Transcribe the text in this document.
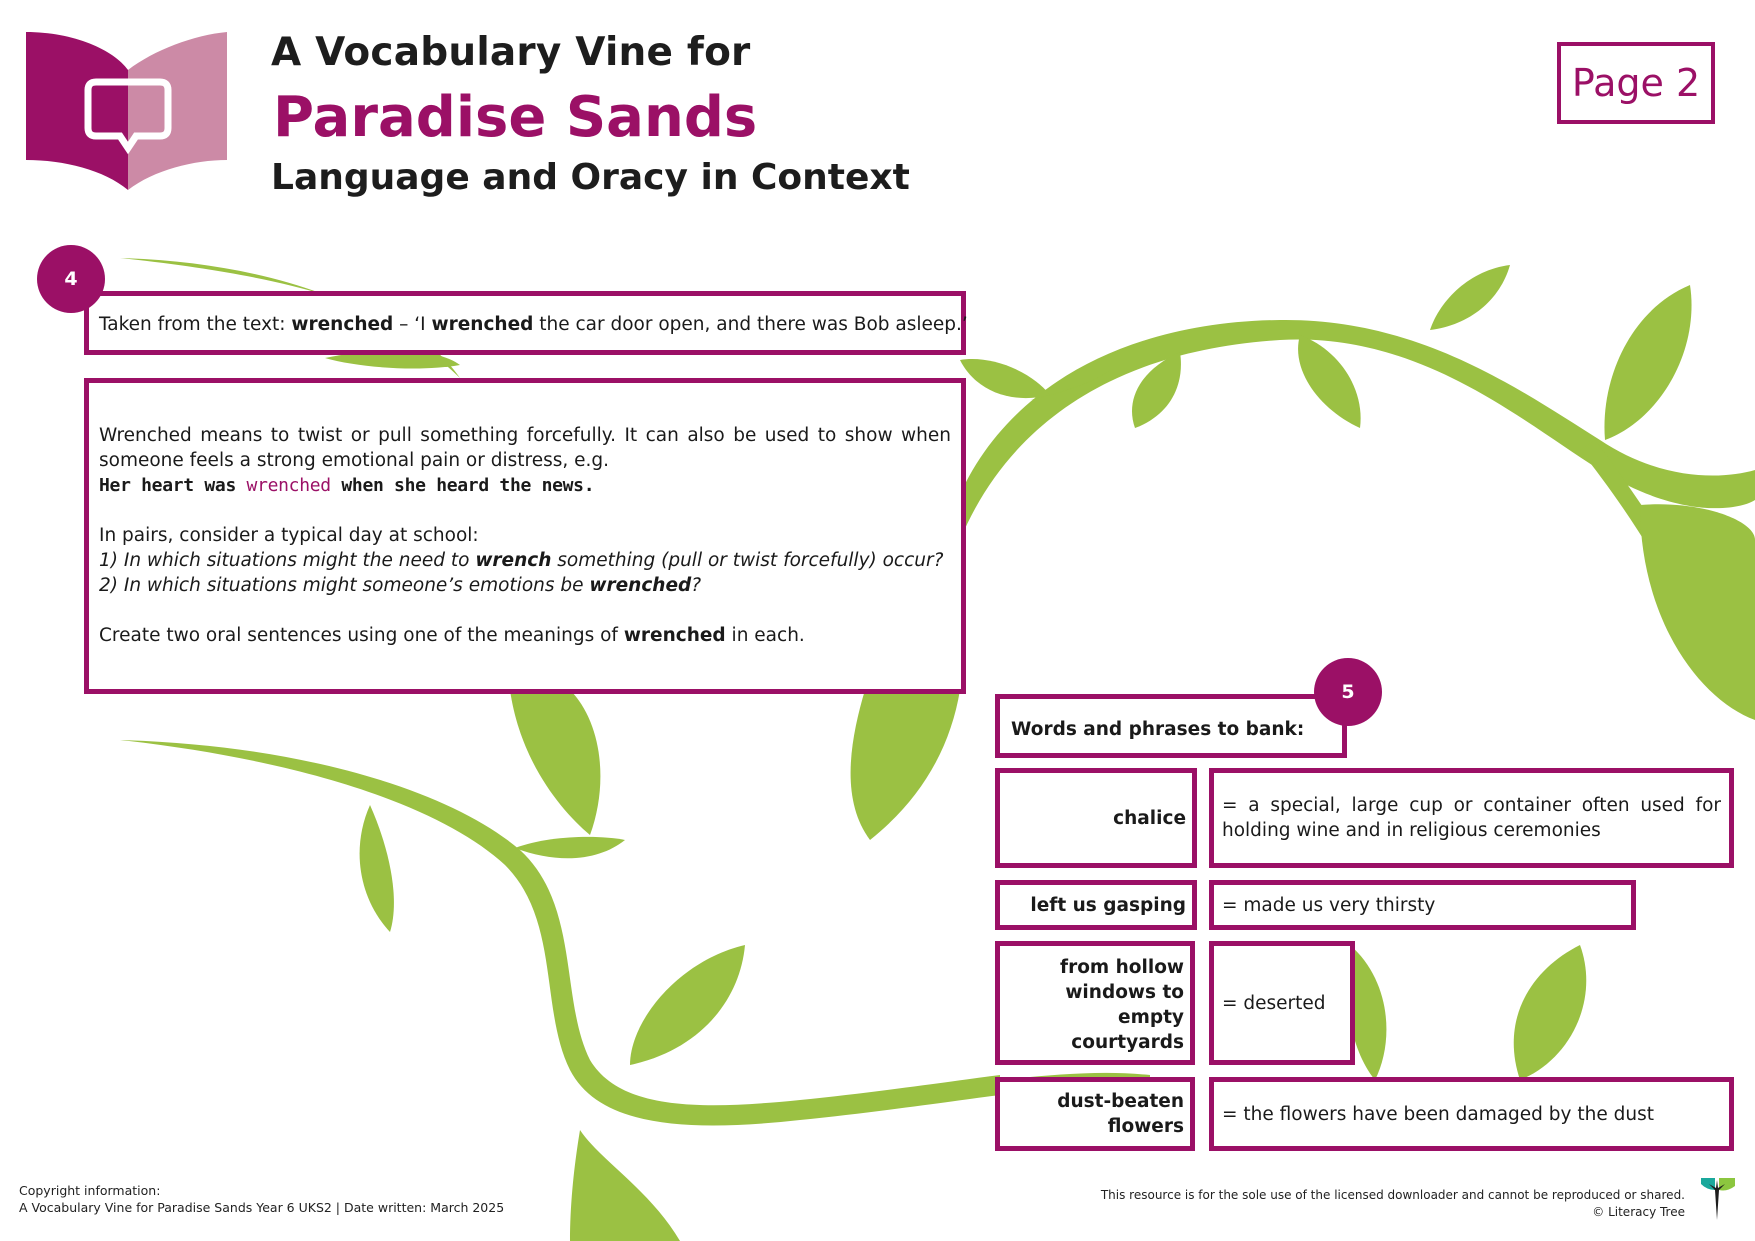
A Vocabulary Vine for
Paradise Sands
Language and Oracy in Context
Page 2
4
Taken from the text: wrenched – ‘I wrenched the car door open, and there was Bob asleep.’

Wrenched means to twist or pull something forcefully. It can also be used to show when someone feels a strong emotional pain or distress, e.g.

Her heart was wrenched when she heard the news.

In pairs, consider a typical day at school:

1) In which situations might the need to wrench something (pull or twist forcefully) occur?

2) In which situations might someone’s emotions be wrenched?

Create two oral sentences using one of the meanings of wrenched in each.

Words and phrases to bank:
5
chalice
= a special, large cup or container often used for holding wine and in religious ceremonies
left us gasping	= made us very thirsty
from hollow windows to empty courtyards
= deserted
dust-beaten flowers
= the flowers have been damaged by the dust
Copyright information:
A Vocabulary Vine for Paradise Sands Year 6 UKS2 | Date written: March 2025
This resource is for the sole use of the licensed downloader and cannot be reproduced or shared.
© Literacy Tree
